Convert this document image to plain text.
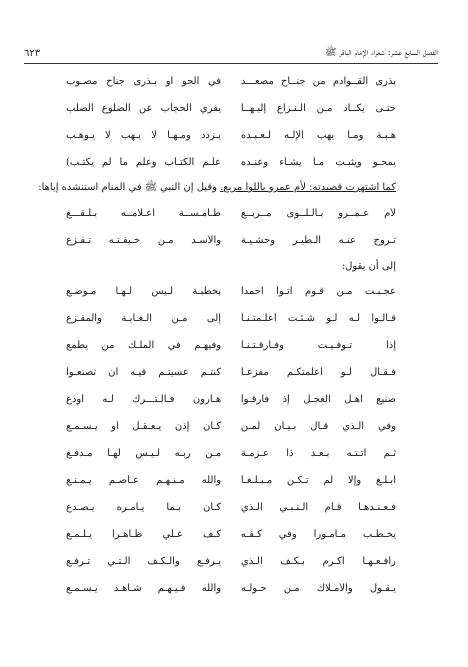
٦٢٣	الفصل السابع عشر: شعراء الإمام الباقر ﷺ
بذرى القــوادم من جنــاح مصعـــد
في الجو أو بـذرى جناح مصـوب
حتـى يكــاد مـن الـنـزاع إليـهــا
يفري الحجاب عن الضلوع الصلب
هـبـة ومـا يهب الإلـه لـعـبـده
يـزدد ومـهـا لا يـهب لا يـوهـب
يمحـو ويثبـت مـا يشـاء وعنـده
علـم الكتـاب وعلم ما لم يكتـب)
كما اشتهرت قصيدته: لأم عمرو باللوا مربع. وقيل إن النبي ﷺ في المنام استنشده إياها:
لأم عـمــرو بـالـلــوى مــربــع
طـامـســة أعـلامــه بـلـقـــع
تـروح عنـه الـطيـر وحشـيـة
والأسـد مـن خـيفـتـه تـفـزع
إلى أن يقول:
عجـبـت مـن قـوم أتـوا أحمداً
بخطبـة لـيس لـهـا مـوضـع
قـالـوا لـه لـو شـئـت أعلـمتـنـا
إلى مـن الـغـايـة والمفـزع
إذا تـوفـيـت وفـارقـتـنـا
وفيهـم في الملـك من يطمع
فـقـال لـو أعلمتكـم مفزعـاً
كنتـم عسيتـم فيـه أن تصنعـوا
صنيع أهـل العجـل إذ فارقـوا
هـارون فـالـتـــرك لـه أودع
وفي الـذي قـال بـيـان لمـن
كـان إذن يـعـقـل أو يـسـمـع
ثـم أتـتـه بـعـد ذا عـزمـة
مـن ربـه لـيـس لهـا مـدفـع
أبـلـغ وإلا لم تـكـن مـبـلـغـاً
والله مـنـهـم عـاصـم يـمـنـع
فـعـنـدهـا قـام الـنـبـي الـذي
كـان بـما يـأمـره يـصـدع
يخـطـب مـأمـوراً وفي كـفـه
كـف عـلي ظـاهـراً يـلـمـع
رافـعـهـا أكـرم بـكـف الـذي
يـرفـع والـكـف الـتـي تـرفـع
يـقـول والأمـلاك مـن حـولـه
والله فـيـهـم شـاهـد يـسـمـع
